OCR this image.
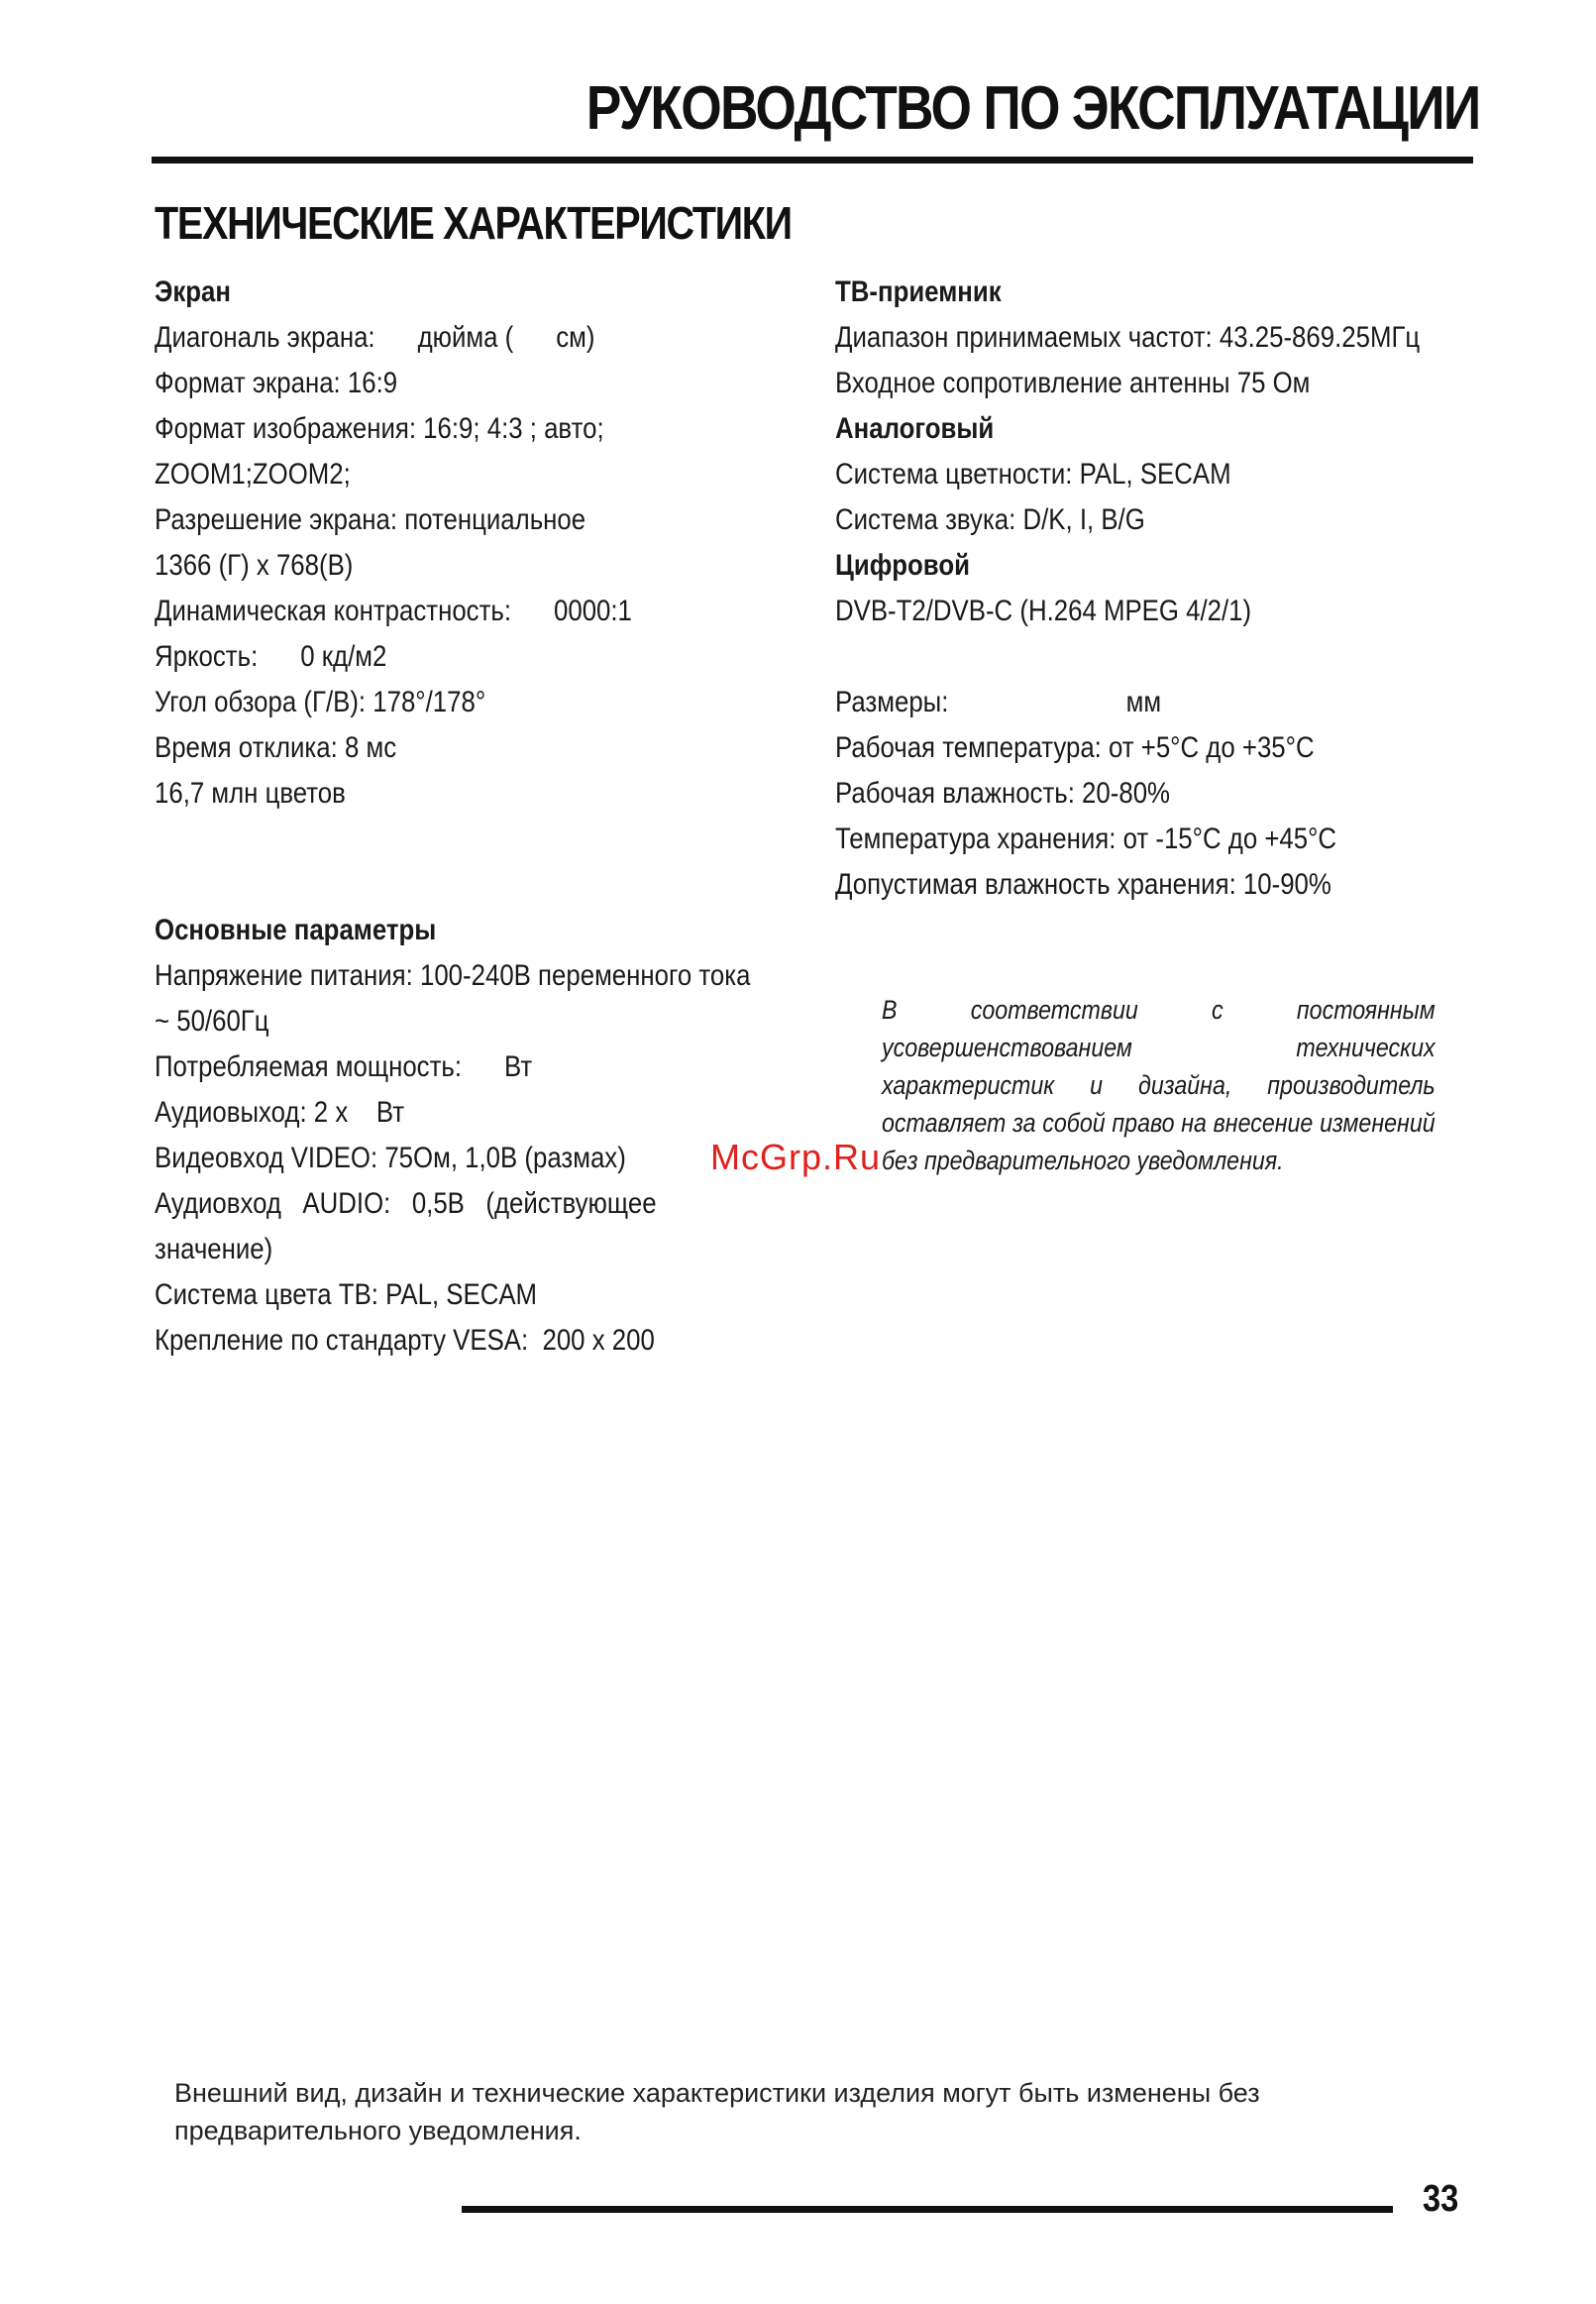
РУКОВОДСТВО ПО ЭКСПЛУАТАЦИИ
ТЕХНИЧЕСКИЕ ХАРАКТЕРИСТИКИ
Экран
Диагональ экрана:      дюйма (      см)
Формат экрана: 16:9
Формат изображения: 16:9; 4:3 ; авто;
ZOOM1;ZOOM2;
Разрешение экрана: потенциальное
1366 (Г) x 768(В)
Динамическая контрастность:      0000:1
Яркость:      0 кд/м2
Угол обзора (Г/В): 178°/178°
Время отклика: 8 мс
16,7 млн цветов
Основные параметры
Напряжение питания: 100-240В переменного тока
~ 50/60Гц
Потребляемая мощность:      Вт
Аудиовыход: 2 x    Вт
Видеовход VIDEO: 75Ом, 1,0В (размах)
Аудиовход   AUDIO:   0,5В   (действующее
значение)
Система цвета ТВ: PAL, SECAM
Крепление по стандарту VESA:  200 x 200
ТВ-приемник
Диапазон принимаемых частот: 43.25-869.25МГц
Входное сопротивление антенны 75 Ом
Аналоговый
Система цветности: PAL, SECAM
Система звука: D/K, I, B/G
Цифровой
DVB-T2/DVB-C (H.264 MPEG 4/2/1)
Размеры:                         мм
Рабочая температура: от +5°C до +35°C
Рабочая влажность: 20-80%
Температура хранения: от -15°C до +45°C
Допустимая влажность хранения: 10-90%

В соответствии с постоянным усовершенствованием технических характеристик и дизайна, производитель оставляет за собой право на внесение изменений без предварительного уведомления.

McGrp.Ru
Внешний вид, дизайн и технические характеристики изделия могут быть изменены без предварительного уведомления.
33
